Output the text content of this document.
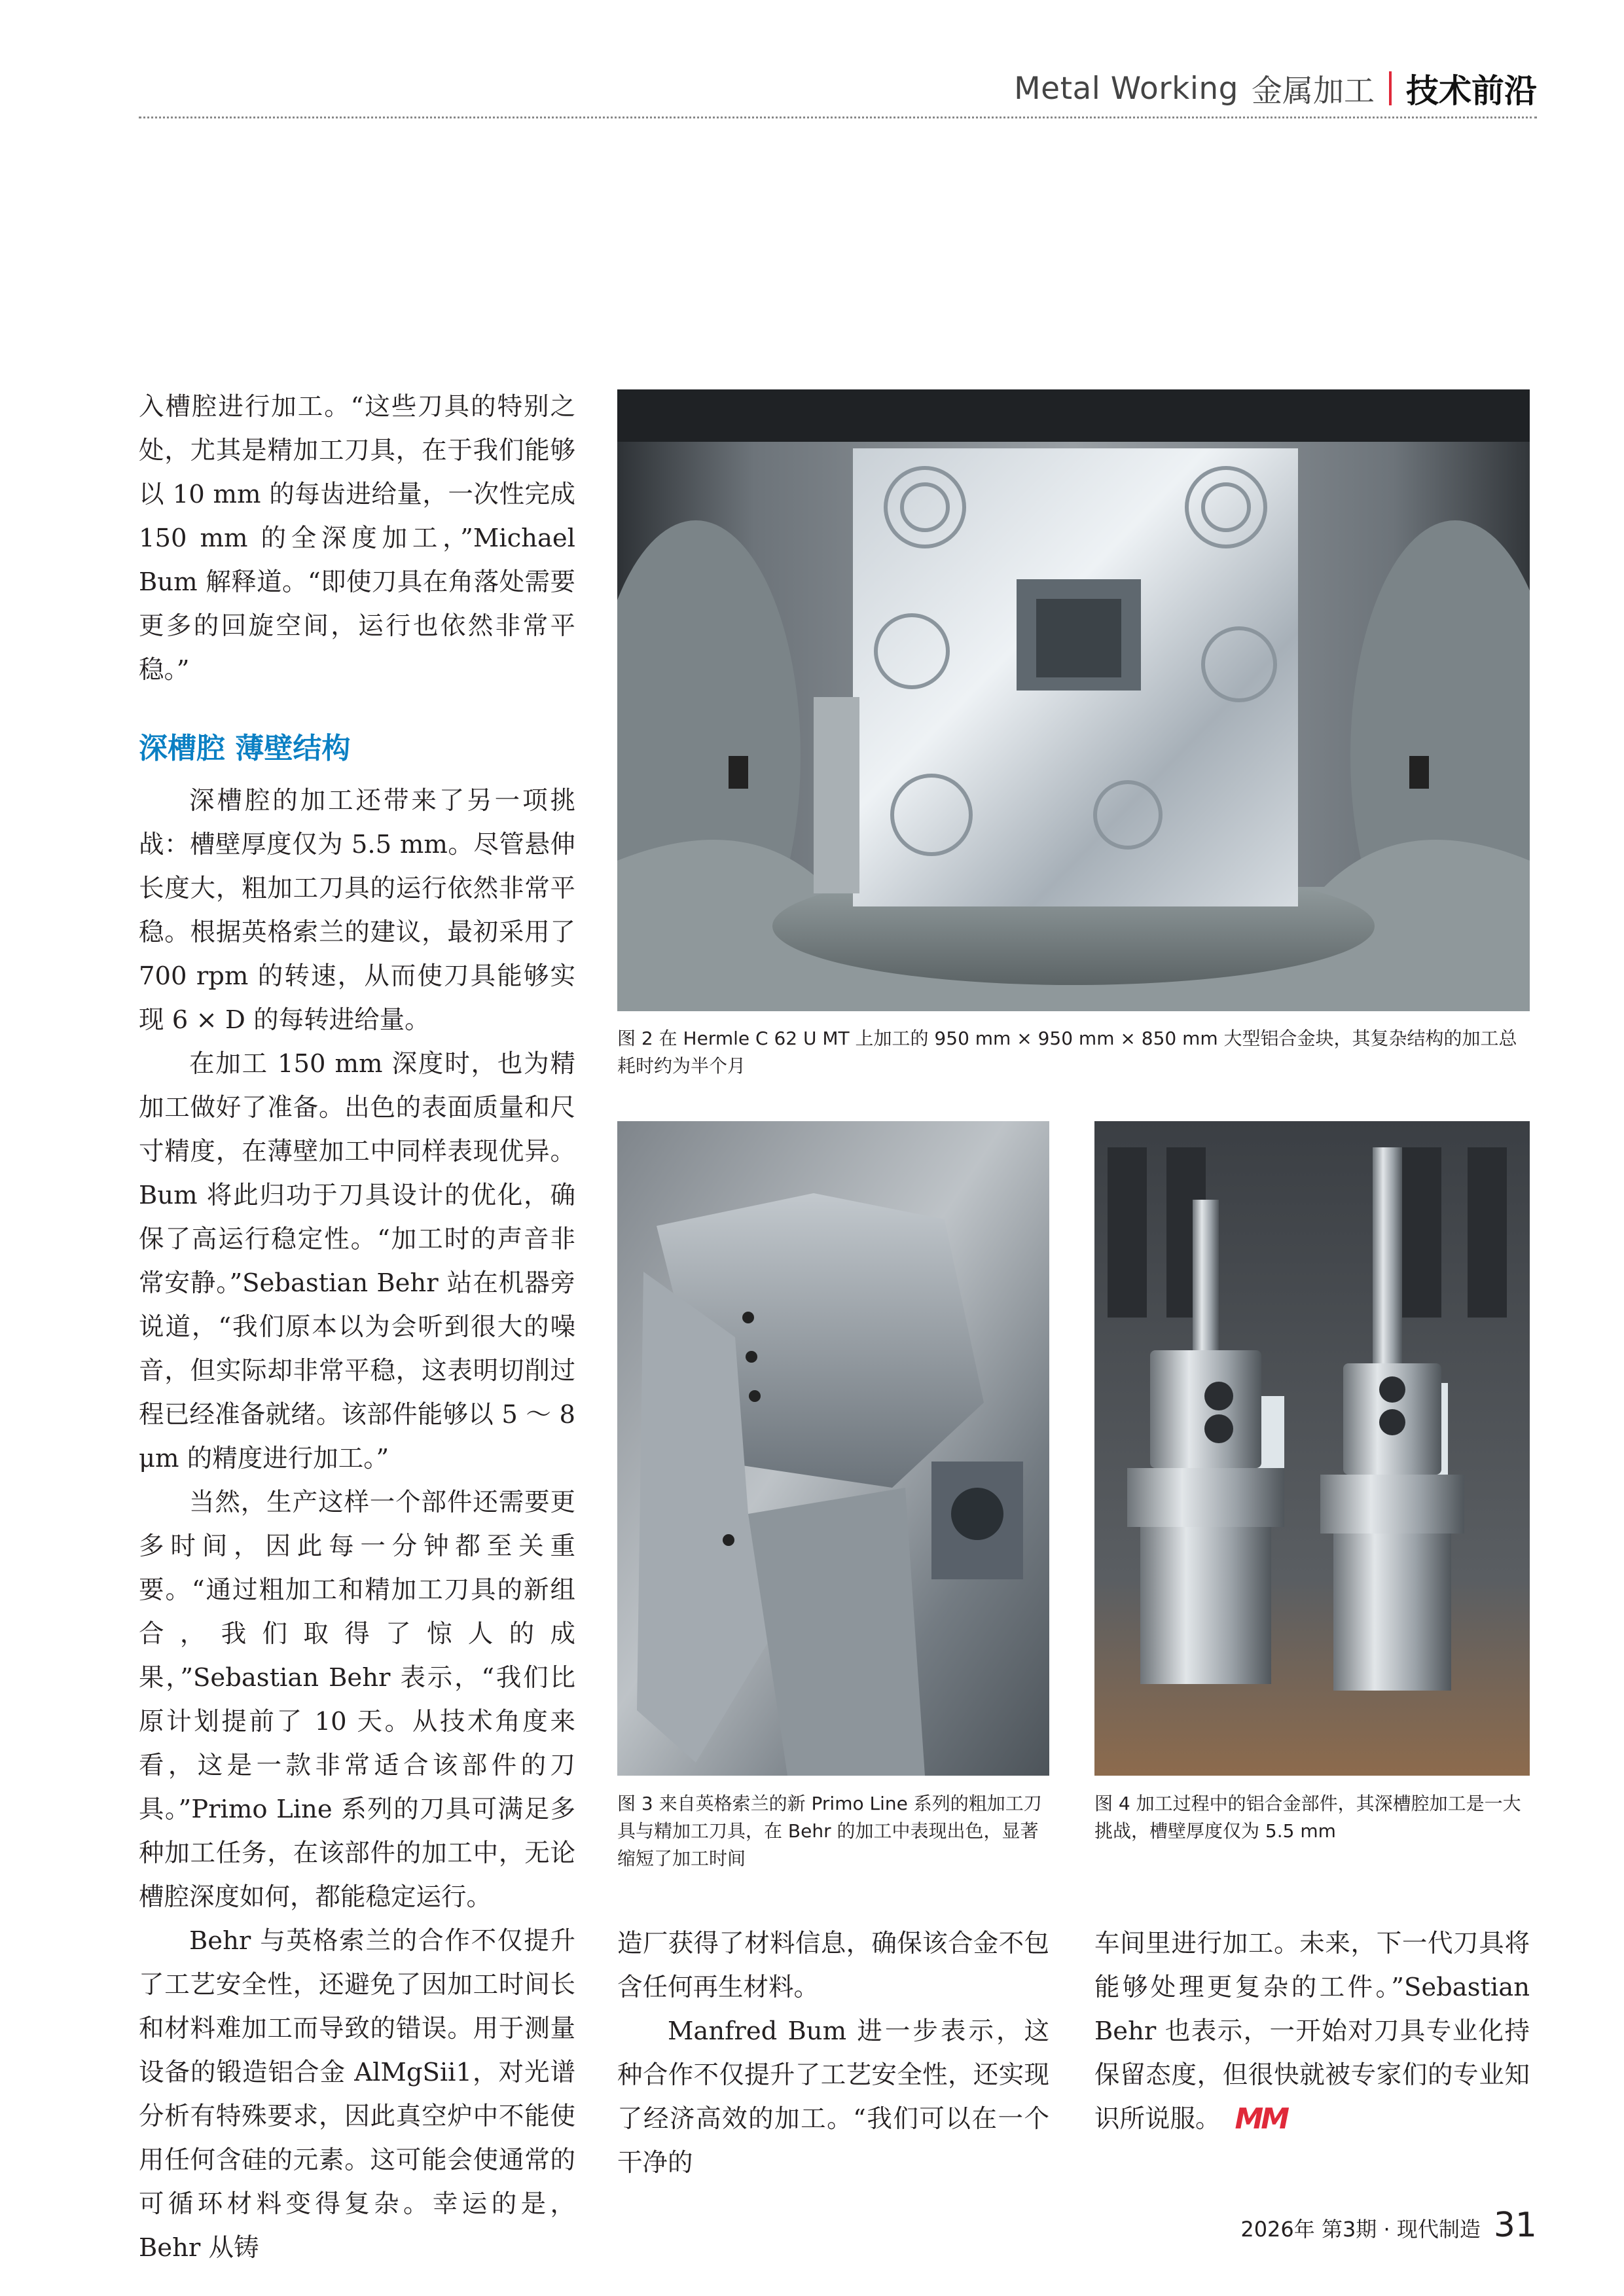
Metal Working 金属加工 技术前沿

入槽腔进行加工。“这些刀具的特别之处，尤其是精加工刀具，在于我们能够以 10 mm 的每齿进给量，一次性完成 150 mm 的全深度加工，”Michael Bum 解释道。“即使刀具在角落处需要更多的回旋空间，运行也依然非常平稳。”

深槽腔 薄壁结构

深槽腔的加工还带来了另一项挑战：槽壁厚度仅为 5.5 mm。尽管悬伸长度大，粗加工刀具的运行依然非常平稳。根据英格索兰的建议，最初采用了 700 rpm 的转速，从而使刀具能够实现 6 × D 的每转进给量。

在加工 150 mm 深度时，也为精加工做好了准备。出色的表面质量和尺寸精度，在薄壁加工中同样表现优异。Bum 将此归功于刀具设计的优化，确保了高运行稳定性。“加工时的声音非常安静。”Sebastian Behr 站在机器旁说道，“我们原本以为会听到很大的噪音，但实际却非常平稳，这表明切削过程已经准备就绪。该部件能够以 5 ～ 8 μm 的精度进行加工。”

当然，生产这样一个部件还需要更多时间，因此每一分钟都至关重要。“通过粗加工和精加工刀具的新组合，我们取得了惊人的成果，”Sebastian Behr 表示，“我们比原计划提前了 10 天。从技术角度来看，这是一款非常适合该部件的刀具。”Primo Line 系列的刀具可满足多种加工任务，在该部件的加工中，无论槽腔深度如何，都能稳定运行。

Behr 与英格索兰的合作不仅提升了工艺安全性，还避免了因加工时间长和材料难加工而导致的错误。用于测量设备的锻造铝合金 AlMgSii1，对光谱分析有特殊要求，因此真空炉中不能使用任何含硅的元素。这可能会使通常的可循环材料变得复杂。幸运的是，Behr 从铸

图 2 在 Hermle C 62 U MT 上加工的 950 mm × 950 mm × 850 mm 大型铝合金块，其复杂结构的加工总耗时约为半个月
图 3 来自英格索兰的新 Primo Line 系列的粗加工刀具与精加工刀具，在 Behr 的加工中表现出色，显著缩短了加工时间
图 4 加工过程中的铝合金部件，其深槽腔加工是一大挑战，槽壁厚度仅为 5.5 mm

造厂获得了材料信息，确保该合金不包含任何再生材料。

Manfred Bum 进一步表示，这种合作不仅提升了工艺安全性，还实现了经济高效的加工。“我们可以在一个干净的

车间里进行加工。未来，下一代刀具将能够处理更复杂的工件。”Sebastian Behr 也表示，一开始对刀具专业化持保留态度，但很快就被专家们的专业知识所说服。 MM

2026年 第3期 · 现代制造 31
